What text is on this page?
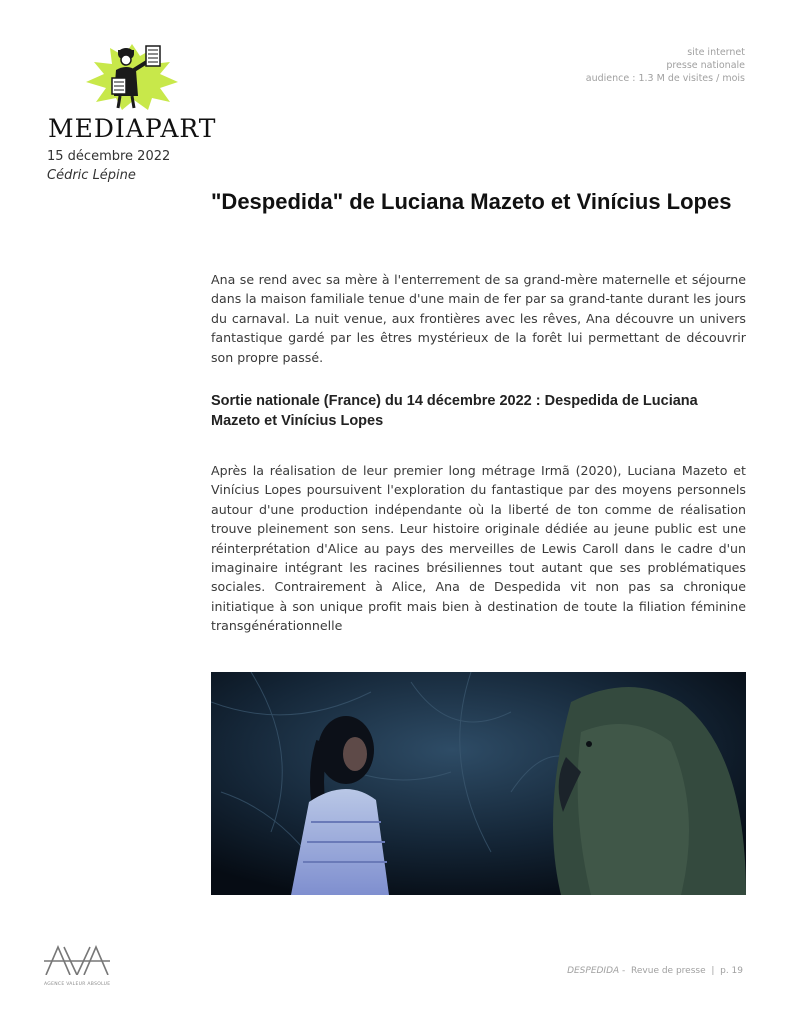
MEDIAPART
15 décembre 2022
Cédric Lépine
site internet
presse nationale
audience : 1.3 M de visites / mois
"Despedida" de Luciana Mazeto et Vinícius Lopes

Ana se rend avec sa mère à l'enterrement de sa grand-mère maternelle et séjourne dans la maison familiale tenue d'une main de fer par sa grand-tante durant les jours du carnaval. La nuit venue, aux frontières avec les rêves, Ana découvre un univers fantastique gardé par les êtres mystérieux de la forêt lui permettant de découvrir son propre passé.

Sortie nationale (France) du 14 décembre 2022 : Despedida de Luciana Mazeto et Vinícius Lopes

Après la réalisation de leur premier long métrage Irmã (2020), Luciana Mazeto et Vinícius Lopes poursuivent l'exploration du fantastique par des moyens personnels autour d'une production indépendante où la liberté de ton comme de réalisation trouve pleinement son sens. Leur histoire originale dédiée au jeune public est une réinterprétation d'Alice au pays des merveilles de Lewis Caroll dans le cadre d'un imaginaire intégrant les racines brésiliennes tout autant que ses problématiques sociales. Contrairement à Alice, Ana de Despedida vit non pas sa chronique initiatique à son unique profit mais bien à destination de toute la filiation féminine transgénérationnelle

AGENCE VALEUR ABSOLUE
DESPEDIDA -  Revue de presse  |  p. 19
